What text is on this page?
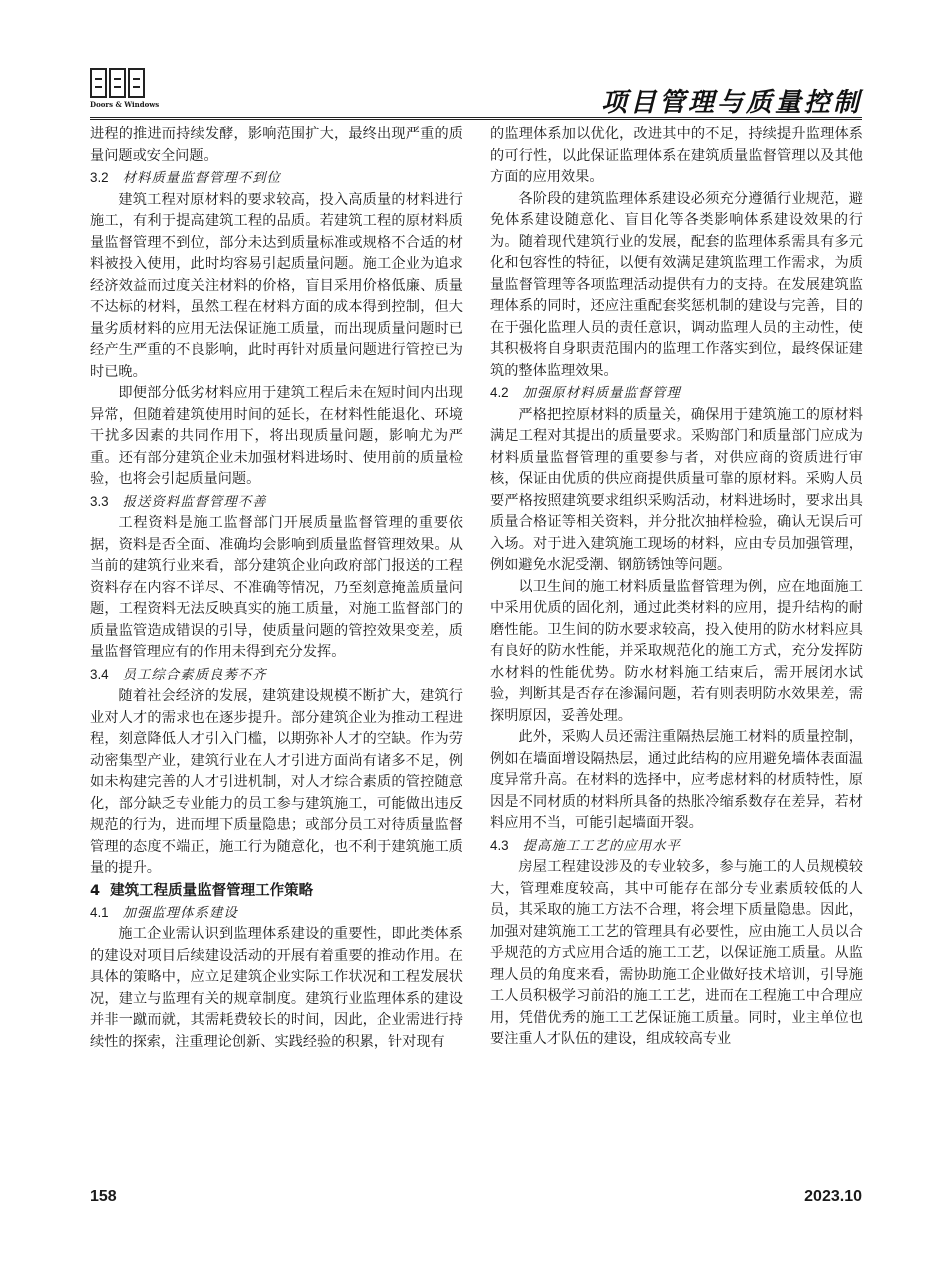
Doors & Windows	项目管理与质量控制

进程的推进而持续发酵，影响范围扩大，最终出现严重的质量问题或安全问题。

3.2 材料质量监督管理不到位

建筑工程对原材料的要求较高，投入高质量的材料进行施工，有利于提高建筑工程的品质。若建筑工程的原材料质量监督管理不到位，部分未达到质量标准或规格不合适的材料被投入使用，此时均容易引起质量问题。施工企业为追求经济效益而过度关注材料的价格，盲目采用价格低廉、质量不达标的材料，虽然工程在材料方面的成本得到控制，但大量劣质材料的应用无法保证施工质量，而出现质量问题时已经产生严重的不良影响，此时再针对质量问题进行管控已为时已晚。

即便部分低劣材料应用于建筑工程后未在短时间内出现异常，但随着建筑使用时间的延长，在材料性能退化、环境干扰多因素的共同作用下，将出现质量问题，影响尤为严重。还有部分建筑企业未加强材料进场时、使用前的质量检验，也将会引起质量问题。

3.3 报送资料监督管理不善

工程资料是施工监督部门开展质量监督管理的重要依据，资料是否全面、准确均会影响到质量监督管理效果。从当前的建筑行业来看，部分建筑企业向政府部门报送的工程资料存在内容不详尽、不准确等情况，乃至刻意掩盖质量问题，工程资料无法反映真实的施工质量，对施工监督部门的质量监管造成错误的引导，使质量问题的管控效果变差，质量监督管理应有的作用未得到充分发挥。

3.4 员工综合素质良莠不齐

随着社会经济的发展，建筑建设规模不断扩大，建筑行业对人才的需求也在逐步提升。部分建筑企业为推动工程进程，刻意降低人才引入门槛，以期弥补人才的空缺。作为劳动密集型产业，建筑行业在人才引进方面尚有诸多不足，例如未构建完善的人才引进机制，对人才综合素质的管控随意化，部分缺乏专业能力的员工参与建筑施工，可能做出违反规范的行为，进而埋下质量隐患；或部分员工对待质量监督管理的态度不端正，施工行为随意化，也不利于建筑施工质量的提升。

4 建筑工程质量监督管理工作策略
4.1 加强监理体系建设

施工企业需认识到监理体系建设的重要性，即此类体系的建设对项目后续建设活动的开展有着重要的推动作用。在具体的策略中，应立足建筑企业实际工作状况和工程发展状况，建立与监理有关的规章制度。建筑行业监理体系的建设并非一蹴而就，其需耗费较长的时间，因此，企业需进行持续性的探索，注重理论创新、实践经验的积累，针对现有

的监理体系加以优化，改进其中的不足，持续提升监理体系的可行性，以此保证监理体系在建筑质量监督管理以及其他方面的应用效果。

各阶段的建筑监理体系建设必须充分遵循行业规范，避免体系建设随意化、盲目化等各类影响体系建设效果的行为。随着现代建筑行业的发展，配套的监理体系需具有多元化和包容性的特征，以便有效满足建筑监理工作需求，为质量监督管理等各项监理活动提供有力的支持。在发展建筑监理体系的同时，还应注重配套奖惩机制的建设与完善，目的在于强化监理人员的责任意识，调动监理人员的主动性，使其积极将自身职责范围内的监理工作落实到位，最终保证建筑的整体监理效果。

4.2 加强原材料质量监督管理

严格把控原材料的质量关，确保用于建筑施工的原材料满足工程对其提出的质量要求。采购部门和质量部门应成为材料质量监督管理的重要参与者，对供应商的资质进行审核，保证由优质的供应商提供质量可靠的原材料。采购人员要严格按照建筑要求组织采购活动，材料进场时，要求出具质量合格证等相关资料，并分批次抽样检验，确认无误后可入场。对于进入建筑施工现场的材料，应由专员加强管理，例如避免水泥受潮、钢筋锈蚀等问题。

以卫生间的施工材料质量监督管理为例，应在地面施工中采用优质的固化剂，通过此类材料的应用，提升结构的耐磨性能。卫生间的防水要求较高，投入使用的防水材料应具有良好的防水性能，并采取规范化的施工方式，充分发挥防水材料的性能优势。防水材料施工结束后，需开展闭水试验，判断其是否存在渗漏问题，若有则表明防水效果差，需探明原因，妥善处理。

此外，采购人员还需注重隔热层施工材料的质量控制，例如在墙面增设隔热层，通过此结构的应用避免墙体表面温度异常升高。在材料的选择中，应考虑材料的材质特性，原因是不同材质的材料所具备的热胀冷缩系数存在差异，若材料应用不当，可能引起墙面开裂。

4.3 提高施工工艺的应用水平

房屋工程建设涉及的专业较多，参与施工的人员规模较大，管理难度较高，其中可能存在部分专业素质较低的人员，其采取的施工方法不合理，将会埋下质量隐患。因此，加强对建筑施工工艺的管理具有必要性，应由施工人员以合乎规范的方式应用合适的施工工艺，以保证施工质量。从监理人员的角度来看，需协助施工企业做好技术培训，引导施工人员积极学习前沿的施工工艺，进而在工程施工中合理应用，凭借优秀的施工工艺保证施工质量。同时，业主单位也要注重人才队伍的建设，组成较高专业

158	2023.10
